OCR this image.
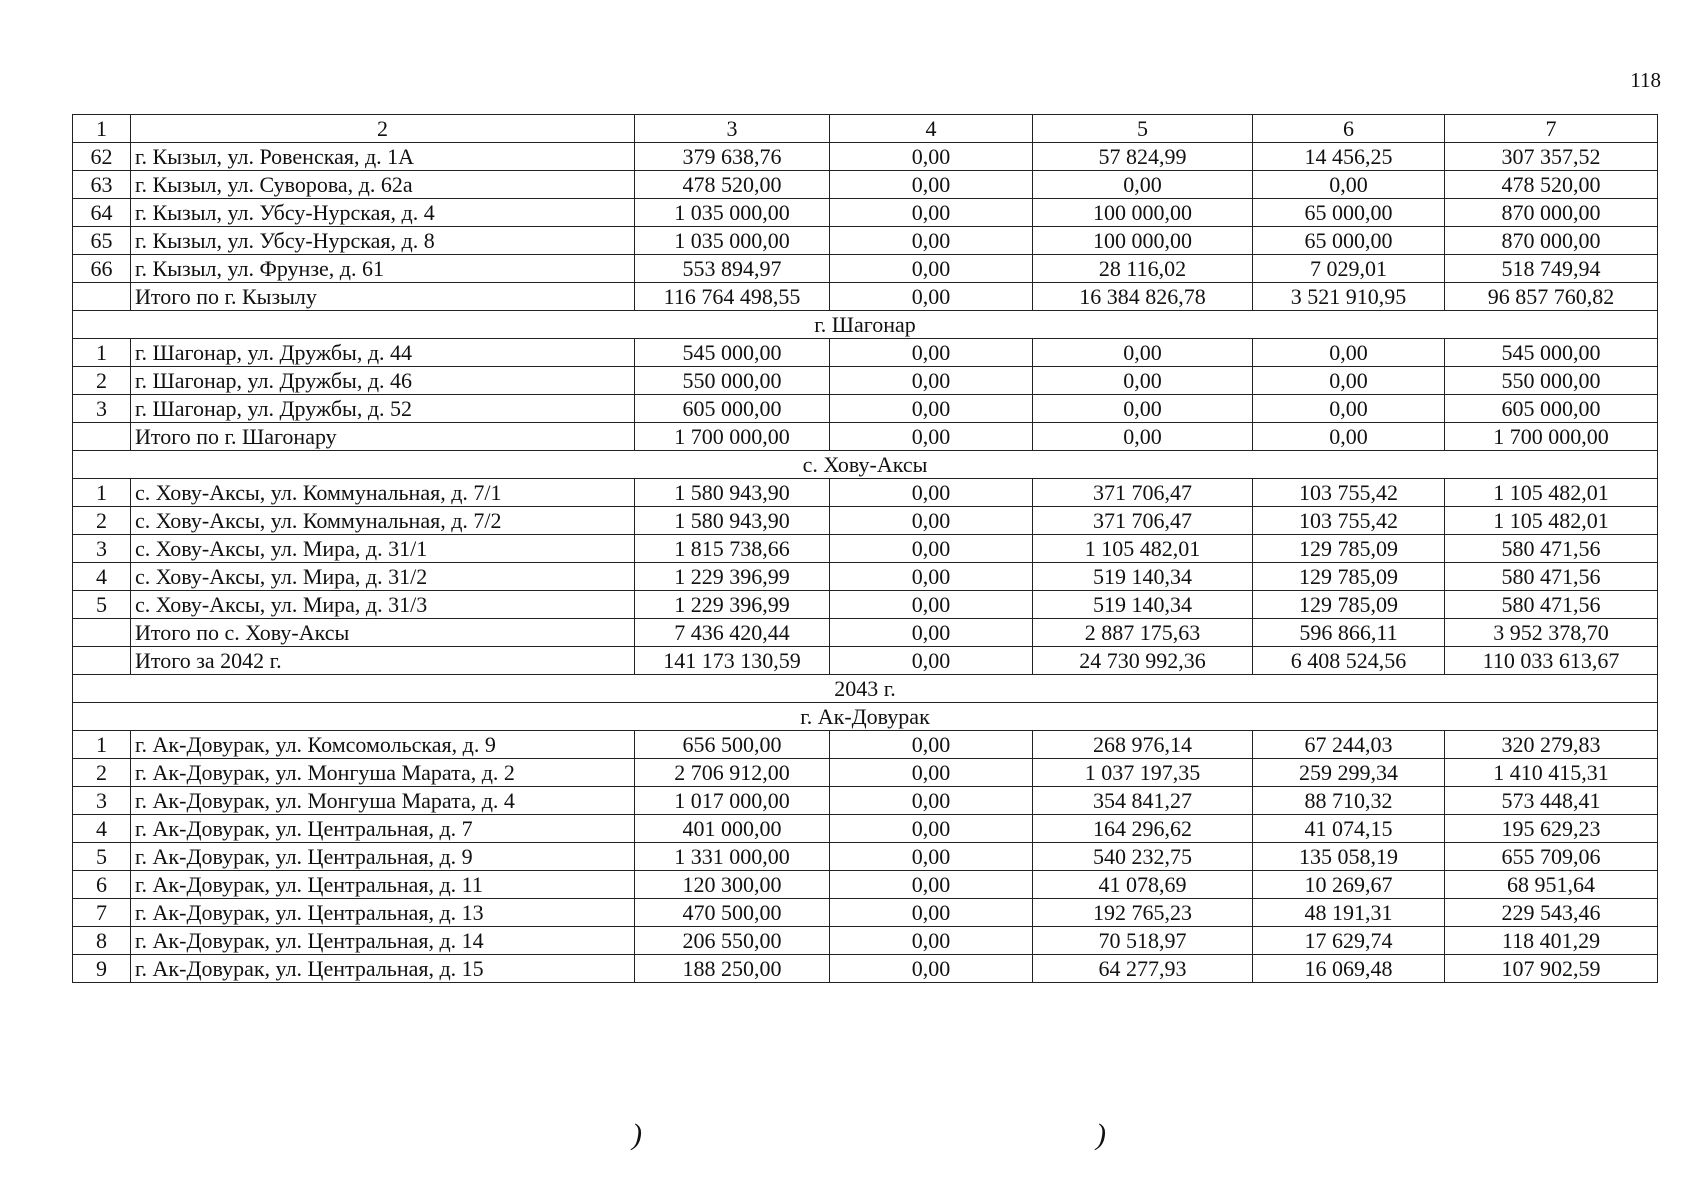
118
1	2	3	4	5	6	7
62	г. Кызыл, ул. Ровенская, д. 1А	379 638,76	0,00	57 824,99	14 456,25	307 357,52
63	г. Кызыл, ул. Суворова, д. 62а	478 520,00	0,00	0,00	0,00	478 520,00
64	г. Кызыл, ул. Убсу-Нурская, д. 4	1 035 000,00	0,00	100 000,00	65 000,00	870 000,00
65	г. Кызыл, ул. Убсу-Нурская, д. 8	1 035 000,00	0,00	100 000,00	65 000,00	870 000,00
66	г. Кызыл, ул. Фрунзе, д. 61	553 894,97	0,00	28 116,02	7 029,01	518 749,94
	Итого по г. Кызылу	116 764 498,55	0,00	16 384 826,78	3 521 910,95	96 857 760,82
г. Шагонар						
1	г. Шагонар, ул. Дружбы, д. 44	545 000,00	0,00	0,00	0,00	545 000,00
2	г. Шагонар, ул. Дружбы, д. 46	550 000,00	0,00	0,00	0,00	550 000,00
3	г. Шагонар, ул. Дружбы, д. 52	605 000,00	0,00	0,00	0,00	605 000,00
	Итого по г. Шагонару	1 700 000,00	0,00	0,00	0,00	1 700 000,00
с. Хову-Аксы						
1	с. Хову-Аксы, ул. Коммунальная, д. 7/1	1 580 943,90	0,00	371 706,47	103 755,42	1 105 482,01
2	с. Хову-Аксы, ул. Коммунальная, д. 7/2	1 580 943,90	0,00	371 706,47	103 755,42	1 105 482,01
3	с. Хову-Аксы, ул. Мира, д. 31/1	1 815 738,66	0,00	1 105 482,01	129 785,09	580 471,56
4	с. Хову-Аксы, ул. Мира, д. 31/2	1 229 396,99	0,00	519 140,34	129 785,09	580 471,56
5	с. Хову-Аксы, ул. Мира, д. 31/3	1 229 396,99	0,00	519 140,34	129 785,09	580 471,56
	Итого по с. Хову-Аксы	7 436 420,44	0,00	2 887 175,63	596 866,11	3 952 378,70
	Итого за 2042 г.	141 173 130,59	0,00	24 730 992,36	6 408 524,56	110 033 613,67
2043 г.						
г. Ак-Довурак						
1	г. Ак-Довурак, ул. Комсомольская, д. 9	656 500,00	0,00	268 976,14	67 244,03	320 279,83
2	г. Ак-Довурак, ул. Монгуша Марата, д. 2	2 706 912,00	0,00	1 037 197,35	259 299,34	1 410 415,31
3	г. Ак-Довурак, ул. Монгуша Марата, д. 4	1 017 000,00	0,00	354 841,27	88 710,32	573 448,41
4	г. Ак-Довурак, ул. Центральная, д. 7	401 000,00	0,00	164 296,62	41 074,15	195 629,23
5	г. Ак-Довурак, ул. Центральная, д. 9	1 331 000,00	0,00	540 232,75	135 058,19	655 709,06
6	г. Ак-Довурак, ул. Центральная, д. 11	120 300,00	0,00	41 078,69	10 269,67	68 951,64
7	г. Ак-Довурак, ул. Центральная, д. 13	470 500,00	0,00	192 765,23	48 191,31	229 543,46
8	г. Ак-Довурак, ул. Центральная, д. 14	206 550,00	0,00	70 518,97	17 629,74	118 401,29
9	г. Ак-Довурак, ул. Центральная, д. 15	188 250,00	0,00	64 277,93	16 069,48	107 902,59
)	)
